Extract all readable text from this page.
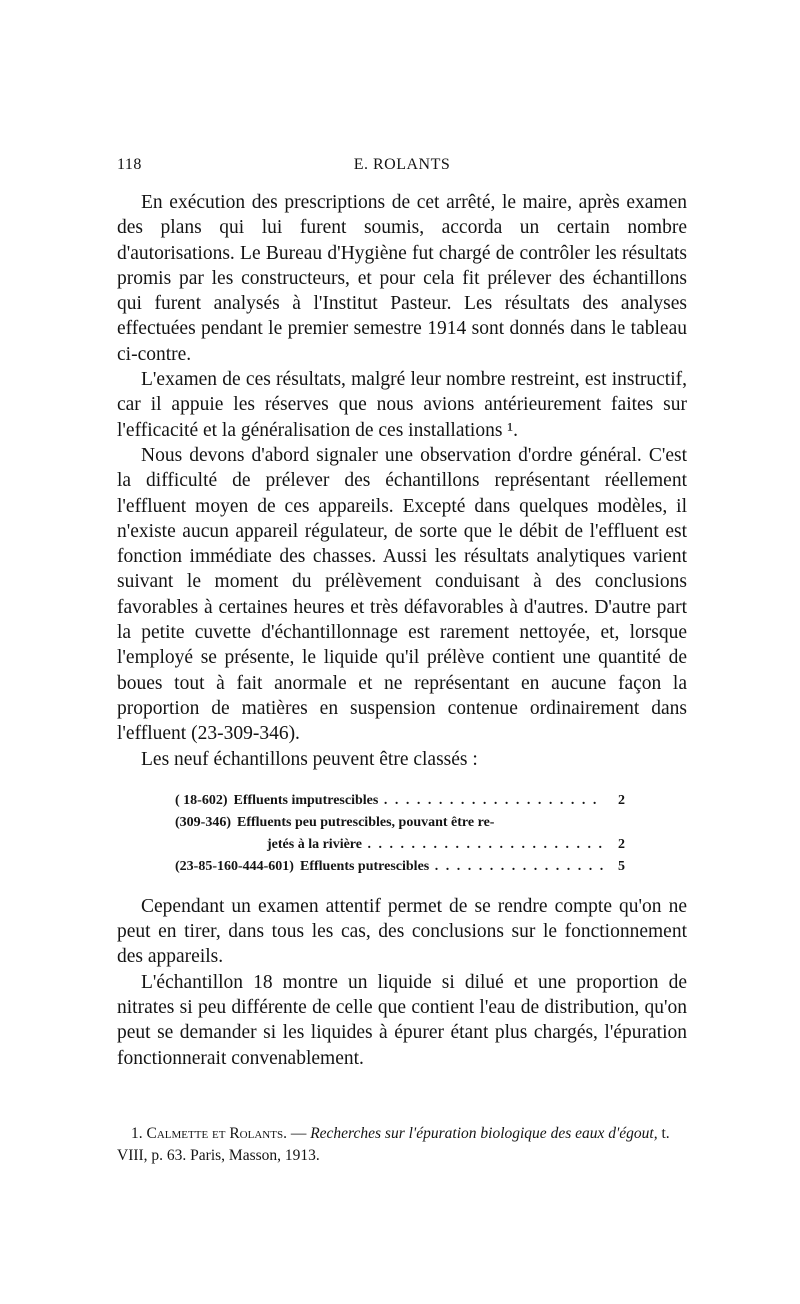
118	E. ROLANTS

En exécution des prescriptions de cet arrêté, le maire, après examen des plans qui lui furent soumis, accorda un certain nombre d'autorisations. Le Bureau d'Hygiène fut chargé de contrôler les résultats promis par les constructeurs, et pour cela fit prélever des échantillons qui furent analysés à l'Institut Pasteur. Les résultats des analyses effectuées pendant le premier semestre 1914 sont donnés dans le tableau ci-contre.

L'examen de ces résultats, malgré leur nombre restreint, est instructif, car il appuie les réserves que nous avions antérieurement faites sur l'efficacité et la généralisation de ces installations ¹.

Nous devons d'abord signaler une observation d'ordre général. C'est la difficulté de prélever des échantillons représentant réellement l'effluent moyen de ces appareils. Excepté dans quelques modèles, il n'existe aucun appareil régulateur, de sorte que le débit de l'effluent est fonction immédiate des chasses. Aussi les résultats analytiques varient suivant le moment du prélèvement conduisant à des conclusions favorables à certaines heures et très défavorables à d'autres. D'autre part la petite cuvette d'échantillonnage est rarement nettoyée, et, lorsque l'employé se présente, le liquide qu'il prélève contient une quantité de boues tout à fait anormale et ne représentant en aucune façon la proportion de matières en suspension contenue ordinairement dans l'effluent (23-309-346).

Les neuf échantillons peuvent être classés :

( 18-602) Effluents imputrescibles . . .	2
(309-346) Effluents peu putrescibles, pouvant être re-
jetés à la rivière . . .	2
(23-85-160-444-601) Effluents putrescibles . . .	5

Cependant un examen attentif permet de se rendre compte qu'on ne peut en tirer, dans tous les cas, des conclusions sur le fonctionnement des appareils.

L'échantillon 18 montre un liquide si dilué et une proportion de nitrates si peu différente de celle que contient l'eau de distribution, qu'on peut se demander si les liquides à épurer étant plus chargés, l'épuration fonctionnerait convenablement.

1. Calmette et Rolants. — Recherches sur l'épuration biologique des eaux d'égout, t. VIII, p. 63. Paris, Masson, 1913.
